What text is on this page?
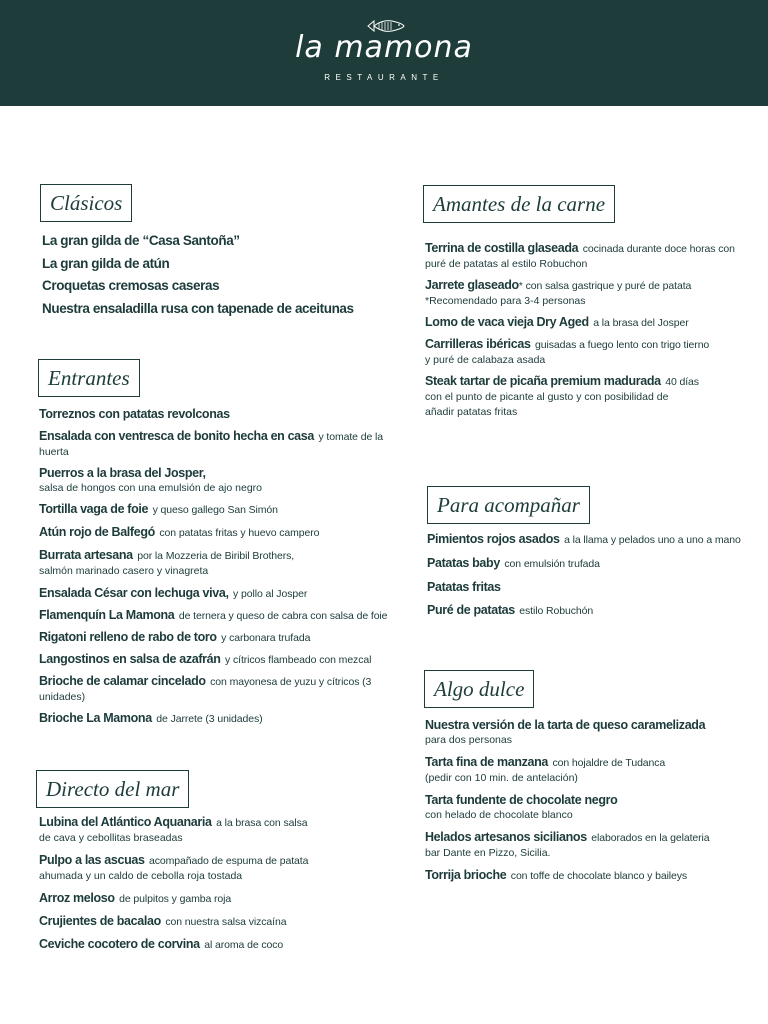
la mamona
RESTAURANTE
Clásicos
La gran gilda de “Casa Santoña”
La gran gilda de atún
Croquetas cremosas caseras
Nuestra ensaladilla rusa con tapenade de aceitunas
Entrantes
Torreznos con patatas revolconas
Ensalada con ventresca de bonito hecha en casa y tomate de la
huerta
Puerros a la brasa del Josper,
salsa de hongos con una emulsión de ajo negro
Tortilla vaga de foie y queso gallego San Simón
Atún rojo de Balfegó con patatas fritas y huevo campero
Burrata artesana por la Mozzeria de Biribil Brothers,
salmón marinado casero y vinagreta
Ensalada César con lechuga viva, y pollo al Josper
Flamenquín La Mamona de ternera y queso de cabra con salsa de foie
Rigatoni relleno de rabo de toro y carbonara trufada
Langostinos en salsa de azafrán y cítricos flambeado con mezcal
Brioche de calamar cincelado con mayonesa de yuzu y cítricos (3
unidades)
Brioche La Mamona de Jarrete (3 unidades)
Directo del mar
Lubina del Atlántico Aquanaria a la brasa con salsa
de cava y cebollitas braseadas
Pulpo a las ascuas acompañado de espuma de patata
ahumada y un caldo de cebolla roja tostada
Arroz meloso de pulpitos y gamba roja
Crujientes de bacalao con nuestra salsa vizcaína
Ceviche cocotero de corvina al aroma de coco
Amantes de la carne
Terrina de costilla glaseada cocinada durante doce horas con
puré de patatas al estilo Robuchon
Jarrete glaseado* con salsa gastrique y puré de patata
*Recomendado para 3-4 personas
Lomo de vaca vieja Dry Aged a la brasa del Josper
Carrilleras ibéricas guisadas a fuego lento con trigo tierno
y puré de calabaza asada
Steak tartar de picaña premium madurada 40 días
con el punto de picante al gusto y con posibilidad de
añadir patatas fritas
Para acompañar
Pimientos rojos asados a la llama y pelados uno a uno a mano
Patatas baby con emulsión trufada
Patatas fritas
Puré de patatas estilo Robuchón
Algo dulce
Nuestra versión de la tarta de queso caramelizada
para dos personas
Tarta fina de manzana con hojaldre de Tudanca
(pedir con 10 min. de antelación)
Tarta fundente de chocolate negro
con helado de chocolate blanco
Helados artesanos sicilianos elaborados en la gelateria
bar Dante en Pizzo, Sicilia.
Torrija brioche con toffe de chocolate blanco y baileys
